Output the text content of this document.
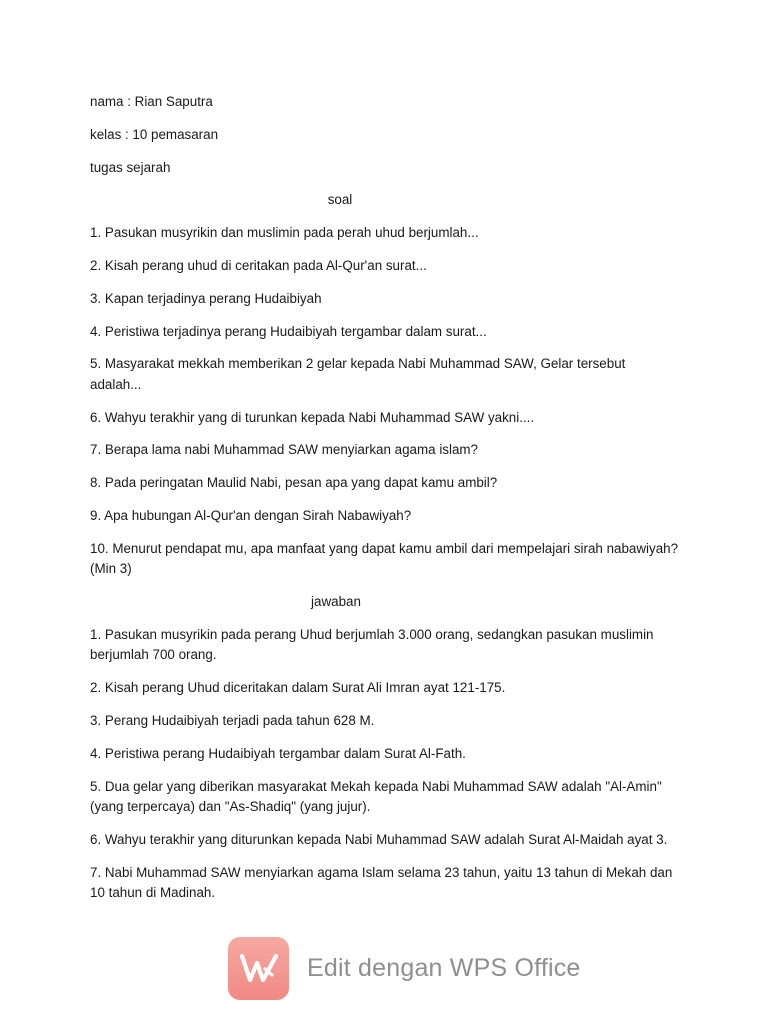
nama : Rian Saputra
kelas : 10 pemasaran
tugas sejarah
soal
1. Pasukan musyrikin dan muslimin pada perah uhud berjumlah...
2. Kisah perang uhud di ceritakan pada Al-Qur'an surat...
3. Kapan terjadinya perang Hudaibiyah
4. Peristiwa terjadinya perang Hudaibiyah tergambar dalam surat...
5. Masyarakat mekkah memberikan 2 gelar kepada Nabi Muhammad SAW, Gelar tersebut adalah...
6. Wahyu terakhir yang di turunkan kepada Nabi Muhammad SAW yakni....
7. Berapa lama nabi Muhammad SAW menyiarkan agama islam?
8. Pada peringatan Maulid Nabi, pesan apa yang dapat kamu ambil?
9. Apa hubungan Al-Qur'an dengan Sirah Nabawiyah?
10. Menurut pendapat mu, apa manfaat yang dapat kamu ambil dari mempelajari sirah nabawiyah? (Min 3)
jawaban
1. Pasukan musyrikin pada perang Uhud berjumlah 3.000 orang, sedangkan pasukan muslimin berjumlah 700 orang.
2. Kisah perang Uhud diceritakan dalam Surat Ali Imran ayat 121-175.
3. Perang Hudaibiyah terjadi pada tahun 628 M.
4. Peristiwa perang Hudaibiyah tergambar dalam Surat Al-Fath.
5. Dua gelar yang diberikan masyarakat Mekah kepada Nabi Muhammad SAW adalah "Al-Amin" (yang terpercaya) dan "As-Shadiq" (yang jujur).
6. Wahyu terakhir yang diturunkan kepada Nabi Muhammad SAW adalah Surat Al-Maidah ayat 3.
7. Nabi Muhammad SAW menyiarkan agama Islam selama 23 tahun, yaitu 13 tahun di Mekah dan 10 tahun di Madinah.
Edit dengan WPS Office
